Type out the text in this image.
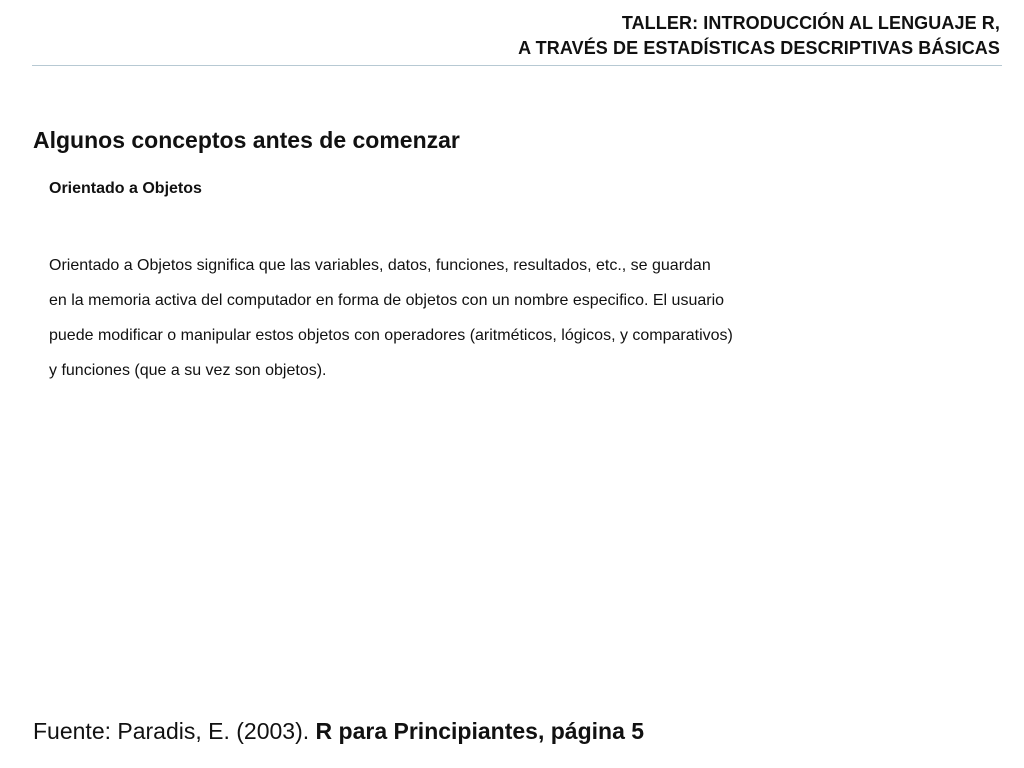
TALLER: INTRODUCCIÓN AL LENGUAJE R,
A TRAVÉS DE ESTADÍSTICAS DESCRIPTIVAS BÁSICAS
Algunos conceptos antes de comenzar
Orientado a Objetos
Orientado a Objetos significa que las variables, datos, funciones, resultados, etc., se guardan
en la memoria activa del computador en forma de objetos con un nombre especifico. El usuario
puede modificar o manipular estos objetos con operadores (aritméticos, lógicos, y comparativos)
y funciones (que a su vez son objetos).
Fuente: Paradis, E. (2003). R para Principiantes, página 5
